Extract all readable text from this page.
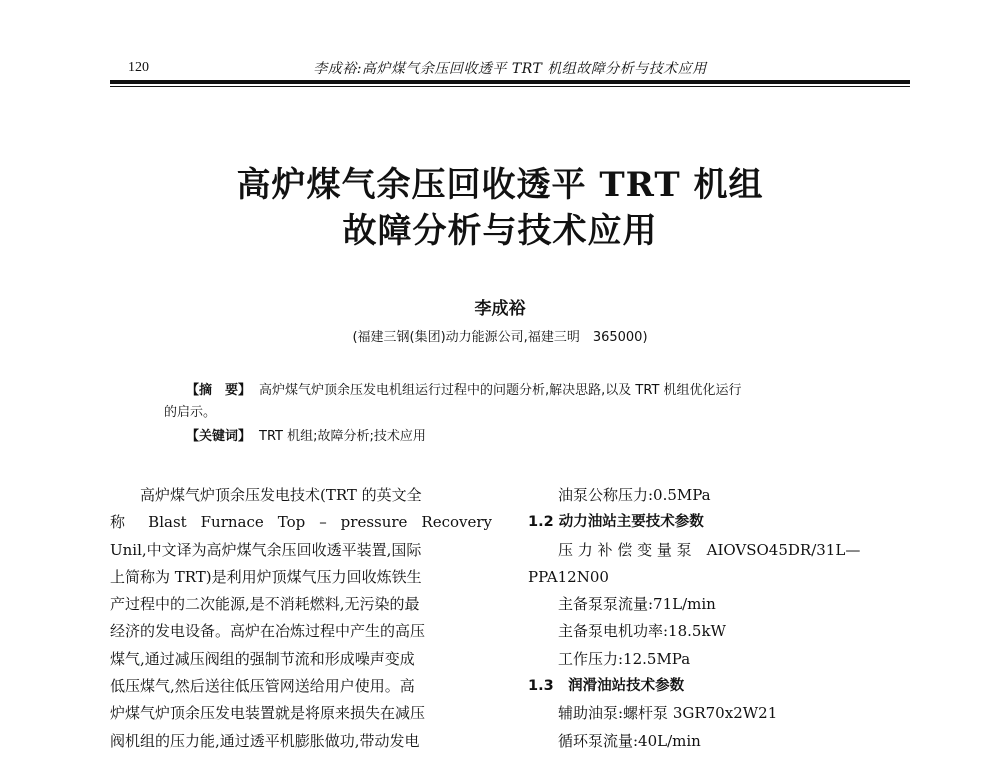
120	李成裕:高炉煤气余压回收透平 TRT 机组故障分析与技术应用
高炉煤气余压回收透平 TRT 机组
故障分析与技术应用
李成裕
(福建三钢(集团)动力能源公司,福建三明　365000)
【摘　要】 高炉煤气炉顶余压发电机组运行过程中的问题分析,解决思路,以及 TRT 机组优化运行
的启示。
【关键词】 TRT 机组;故障分析;技术应用
高炉煤气炉顶余压发电技术(TRT 的英文全
称 Blast Furnace Top – pressure Recovery
Unil,中文译为高炉煤气余压回收透平装置,国际
上简称为 TRT)是利用炉顶煤气压力回收炼铁生
产过程中的二次能源,是不消耗燃料,无污染的最
经济的发电设备。高炉在冶炼过程中产生的高压
煤气,通过减压阀组的强制节流和形成噪声变成
低压煤气,然后送往低压管网送给用户使用。高
炉煤气炉顶余压发电装置就是将原来损失在减压
阀机组的压力能,通过透平机膨胀做功,带动发电
油泵公称压力:0.5MPa
1.2 动力油站主要技术参数
压 力 补 偿 变 量 泵　AIOVSO45DR/31L—
PPA12N00
主备泵泵流量:71L/min
主备泵电机功率:18.5kW
工作压力:12.5MPa
1.3　润滑油站技术参数
辅助油泵:螺杆泵 3GR70x2W21
循环泵流量:40L/min
